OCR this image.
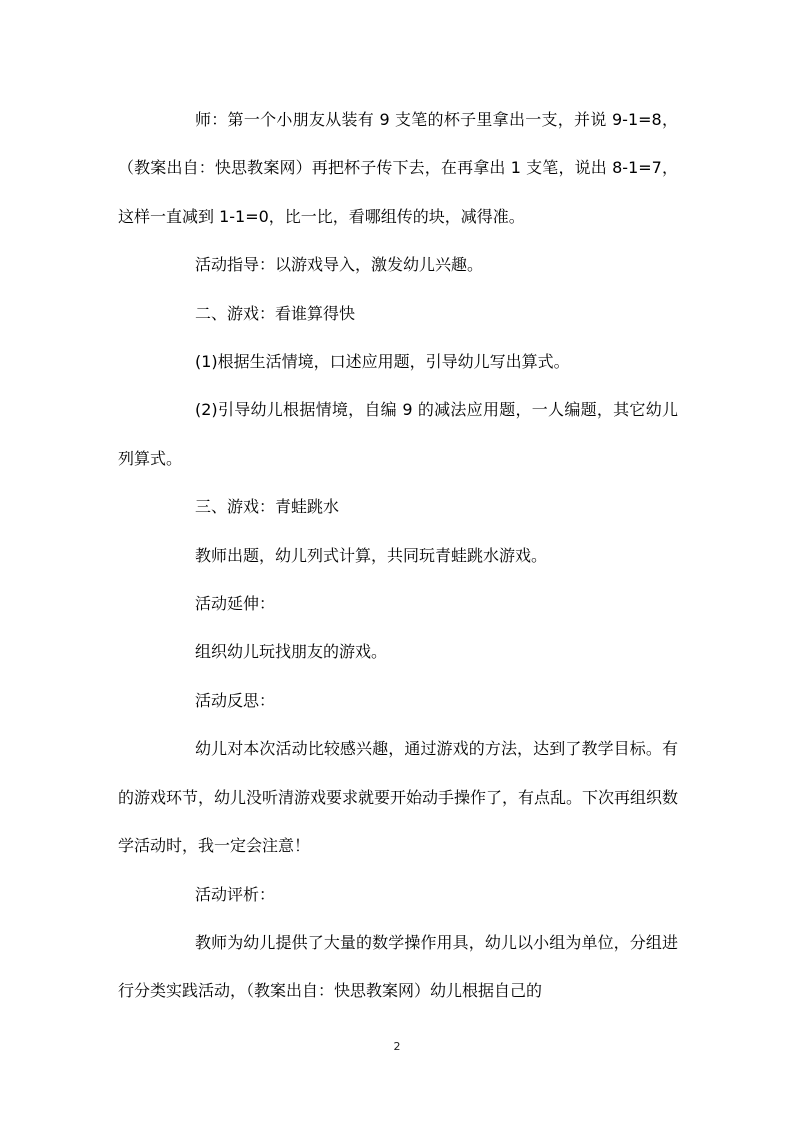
师：第一个小朋友从装有 9 支笔的杯子里拿出一支，并说 9-1=8，（教案出自：快思教案网）再把杯子传下去，在再拿出 1 支笔，说出 8-1=7，这样一直减到 1-1=0，比一比，看哪组传的块，减得准。

活动指导：以游戏导入，激发幼儿兴趣。

二、游戏：看谁算得快

(1)根据生活情境，口述应用题，引导幼儿写出算式。

(2)引导幼儿根据情境，自编 9 的减法应用题，一人编题，其它幼儿列算式。

三、游戏：青蛙跳水

教师出题，幼儿列式计算，共同玩青蛙跳水游戏。

活动延伸：

组织幼儿玩找朋友的游戏。

活动反思：

幼儿对本次活动比较感兴趣，通过游戏的方法，达到了教学目标。有的游戏环节，幼儿没听清游戏要求就要开始动手操作了，有点乱。下次再组织数学活动时，我一定会注意！

活动评析：

教师为幼儿提供了大量的数学操作用具，幼儿以小组为单位，分组进行分类实践活动，（教案出自：快思教案网）幼儿根据自己的

2
